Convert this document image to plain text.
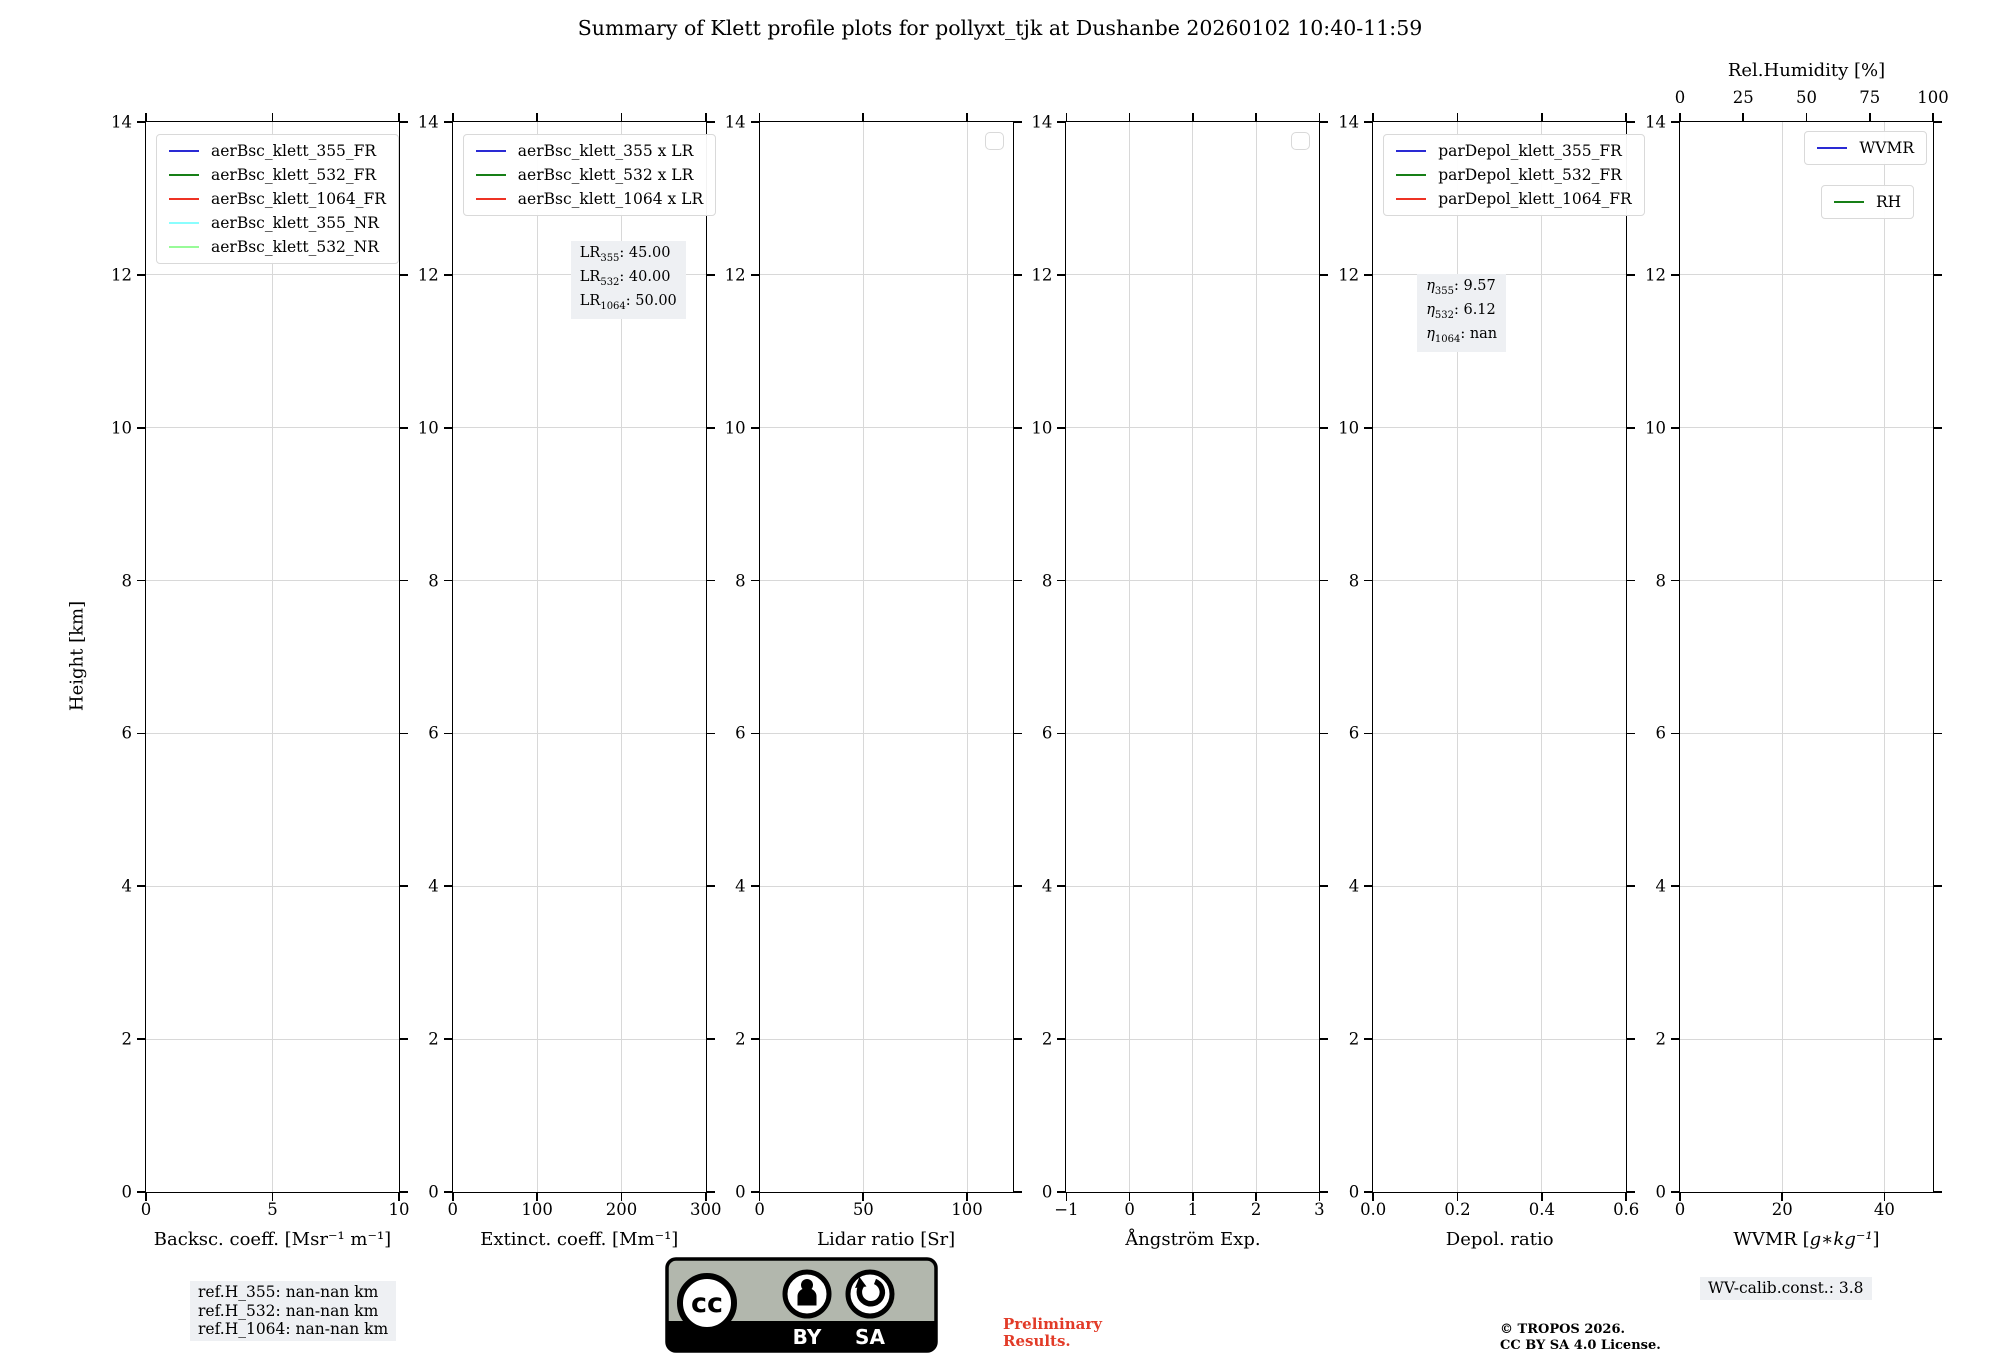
Summary of Klett profile plots for pollyxt_tjk at Dushanbe 20260102 10:40-11:59
Height [km]
0	5	10
0
2
4
6
8
10
12
14
Backsc. coeff. [Msr⁻¹ m⁻¹]
aerBsc_klett_355_FR
aerBsc_klett_532_FR
aerBsc_klett_1064_FR
aerBsc_klett_355_NR
aerBsc_klett_532_NR
0	100	200	300
0
2
4
6
8
10
12
14
Extinct. coeff. [Mm⁻¹]
aerBsc_klett_355 x LR
aerBsc_klett_532 x LR
aerBsc_klett_1064 x LR
$LR_{355}$: 45.00
$LR_{532}$: 40.00
$LR_{1064}$: 50.00
0	50	100
0
2
4
6
8
10
12
14
Lidar ratio [Sr]
−1	0	1	2	3
0
2
4
6
8
10
12
14
Ångström Exp.
0.0	0.2	0.4	0.6
0
2
4
6
8
10
12
14
Depol. ratio
parDepol_klett_355_FR
parDepol_klett_532_FR
parDepol_klett_1064_FR
$\eta_{355}$: 9.57
$\eta_{532}$: 6.12
$\eta_{1064}$: nan
0	20	40
0
2
4
6
8
10
12
14
WVMR [g∗kg⁻¹]
0	25	50	75 100
Rel.Humidity [%]
WVMR
RH
ref.H_355: nan-nan km
ref.H_532: nan-nan km
ref.H_1064: nan-nan km
cc
BY SA
Preliminary
Results.
© TROPOS 2026.
CC BY SA 4.0 License.
WV-calib.const.: 3.8
